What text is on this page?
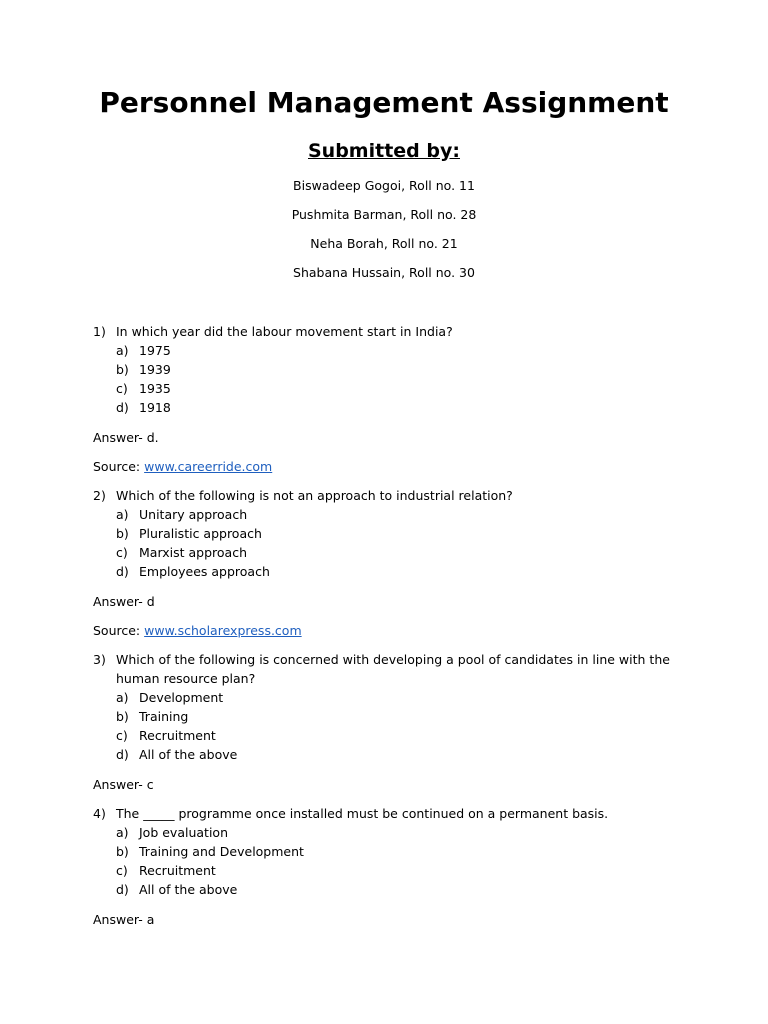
Personnel Management Assignment
Submitted by:
Biswadeep Gogoi, Roll no. 11
Pushmita Barman, Roll no. 28
Neha Borah, Roll no. 21
Shabana Hussain, Roll no. 30
1) In which year did the labour movement start in India?
a) 1975
b) 1939
c) 1935
d) 1918
Answer- d.
Source: www.careerride.com
2) Which of the following is not an approach to industrial relation?
a) Unitary approach
b) Pluralistic approach
c) Marxist approach
d) Employees approach
Answer- d
Source: www.scholarexpress.com
3) Which of the following is concerned with developing a pool of candidates in line with the human resource plan?
a) Development
b) Training
c) Recruitment
d) All of the above
Answer- c
4) The _____ programme once installed must be continued on a permanent basis.
a) Job evaluation
b) Training and Development
c) Recruitment
d) All of the above
Answer- a
